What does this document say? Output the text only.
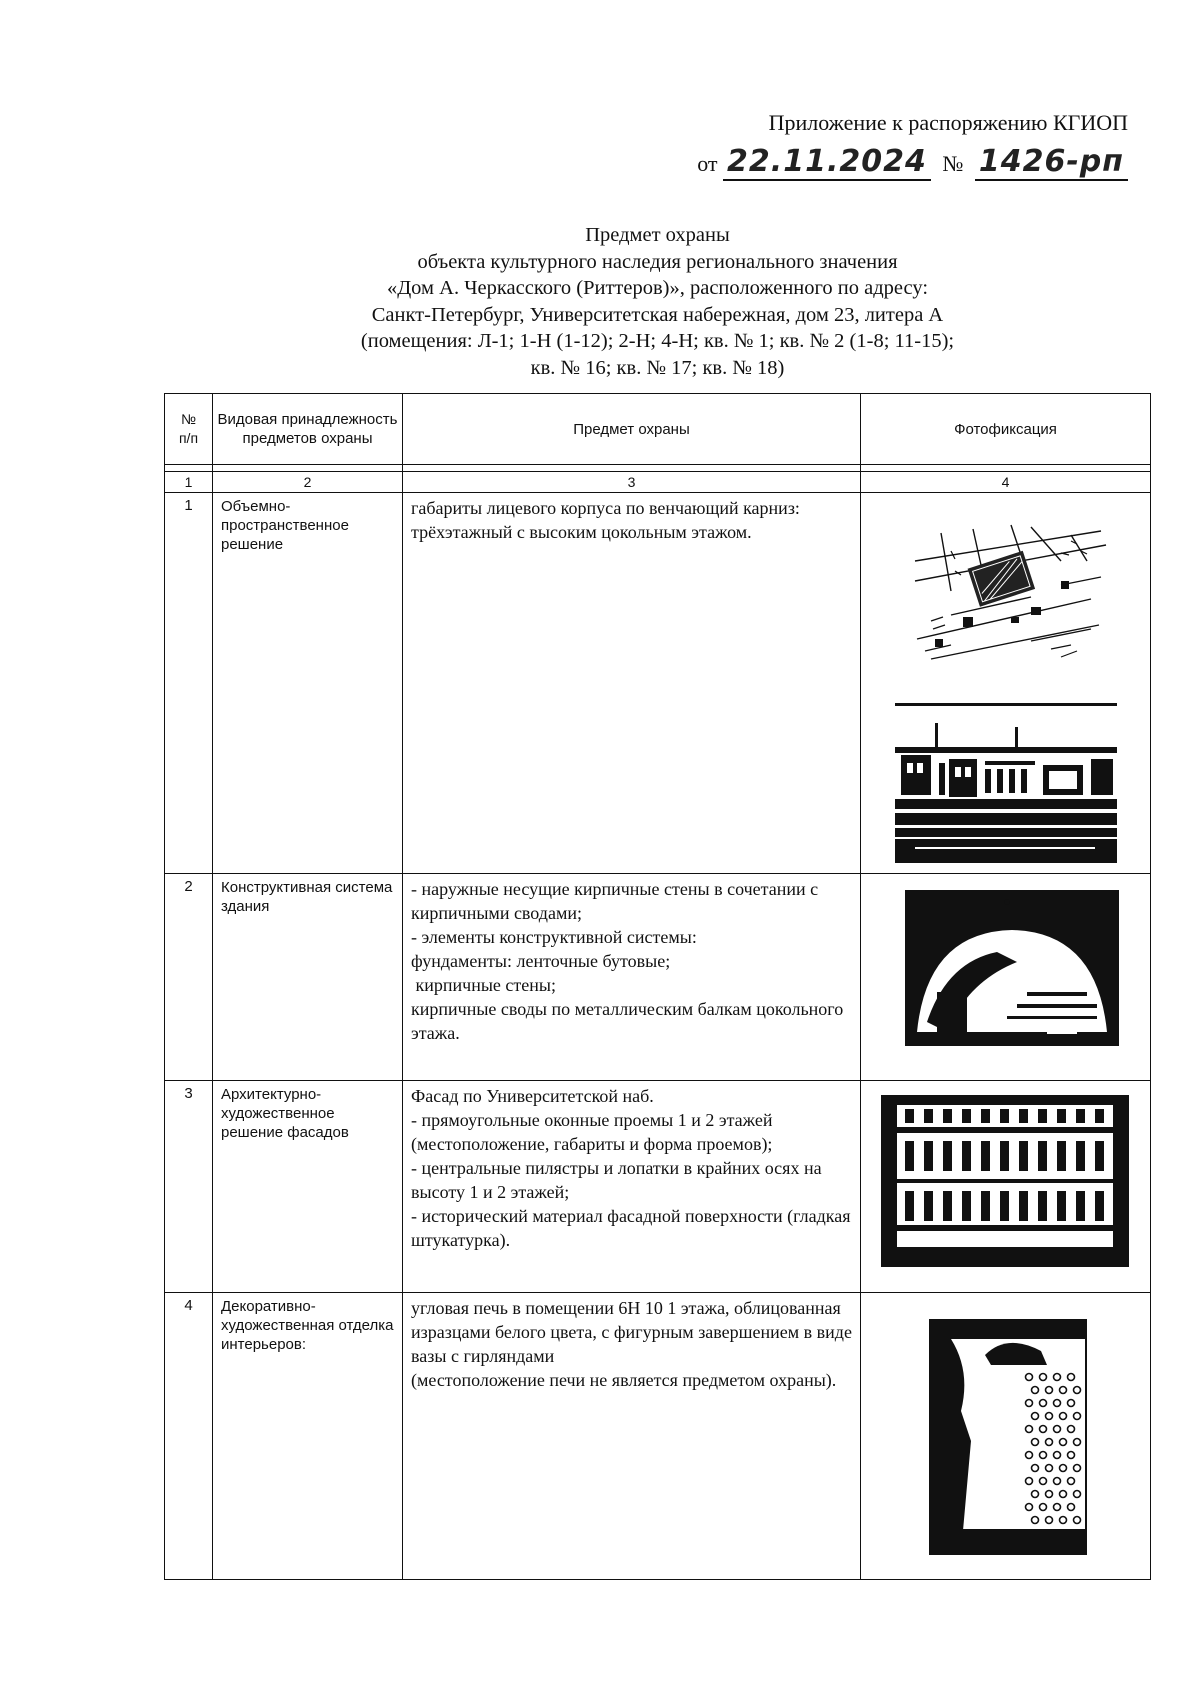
Приложение к распоряжению КГИОП
от 22.11.2024 № 1426-рп
Предмет охраны
объекта культурного наследия регионального значения
«Дом А. Черкасского (Риттеров)», расположенного по адресу:
Санкт-Петербург, Университетская набережная, дом 23, литера А
(помещения: Л-1; 1-Н (1-12); 2-Н; 4-Н; кв. № 1; кв. № 2 (1-8; 11-15);
кв. № 16; кв. № 17; кв. № 18)
№
п/п	Видовая принадлежность предметов охраны	Предмет охраны	Фотофиксация

1	2	3	4
1	Объемно-пространственное решение	габариты лицевого корпуса по венчающий карниз: трёхэтажный с высоким цокольным этажом.

2	Конструктивная система здания	- наружные несущие кирпичные стены в сочетании с кирпичными сводами;
- элементы конструктивной системы:
фундаменты: ленточные бутовые;
кирпичные стены;
кирпичные своды по металлическим балкам цокольного этажа.

3	Архитектурно-художественное решение фасадов	Фасад по Университетской наб.
- прямоугольные оконные проемы 1 и 2 этажей (местоположение, габариты и форма проемов);
- центральные пилястры и лопатки в крайних осях на высоту 1 и 2 этажей;
- исторический материал фасадной поверхности (гладкая штукатурка).

4	Декоративно-художественная отделка интерьеров:	угловая печь в помещении 6Н 10 1 этажа, облицованная изразцами белого цвета, с фигурным завершением в виде вазы с гирляндами
(местоположение печи не является предметом охраны).
